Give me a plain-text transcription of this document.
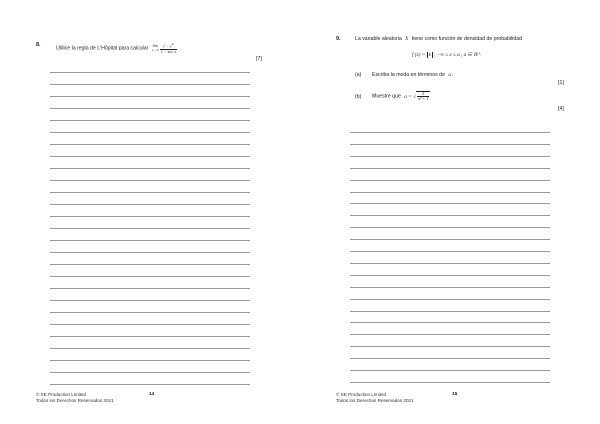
8.
Utilice la regla de L'Hôpital para calcular lim
x→0
$\frac{1 - e^{x^2}}{\text{1 − sec x}}$
[7]
© SE Production Limited
Todos los Derechos Reservados 2021
14
9.	La variable aleatoria X tiene como función de densidad de probabilidad
f (x) = k , −∞ ≤ x ≤ a , a ∈ ℝ⁺.
(a) Escriba la moda en términos de a .
[1]
(b) Muestre que a = √ $\frac{2}{\text{π² + 1}}$
[4]
© SE Production Limited
Todos los Derechos Reservados 2021
15
